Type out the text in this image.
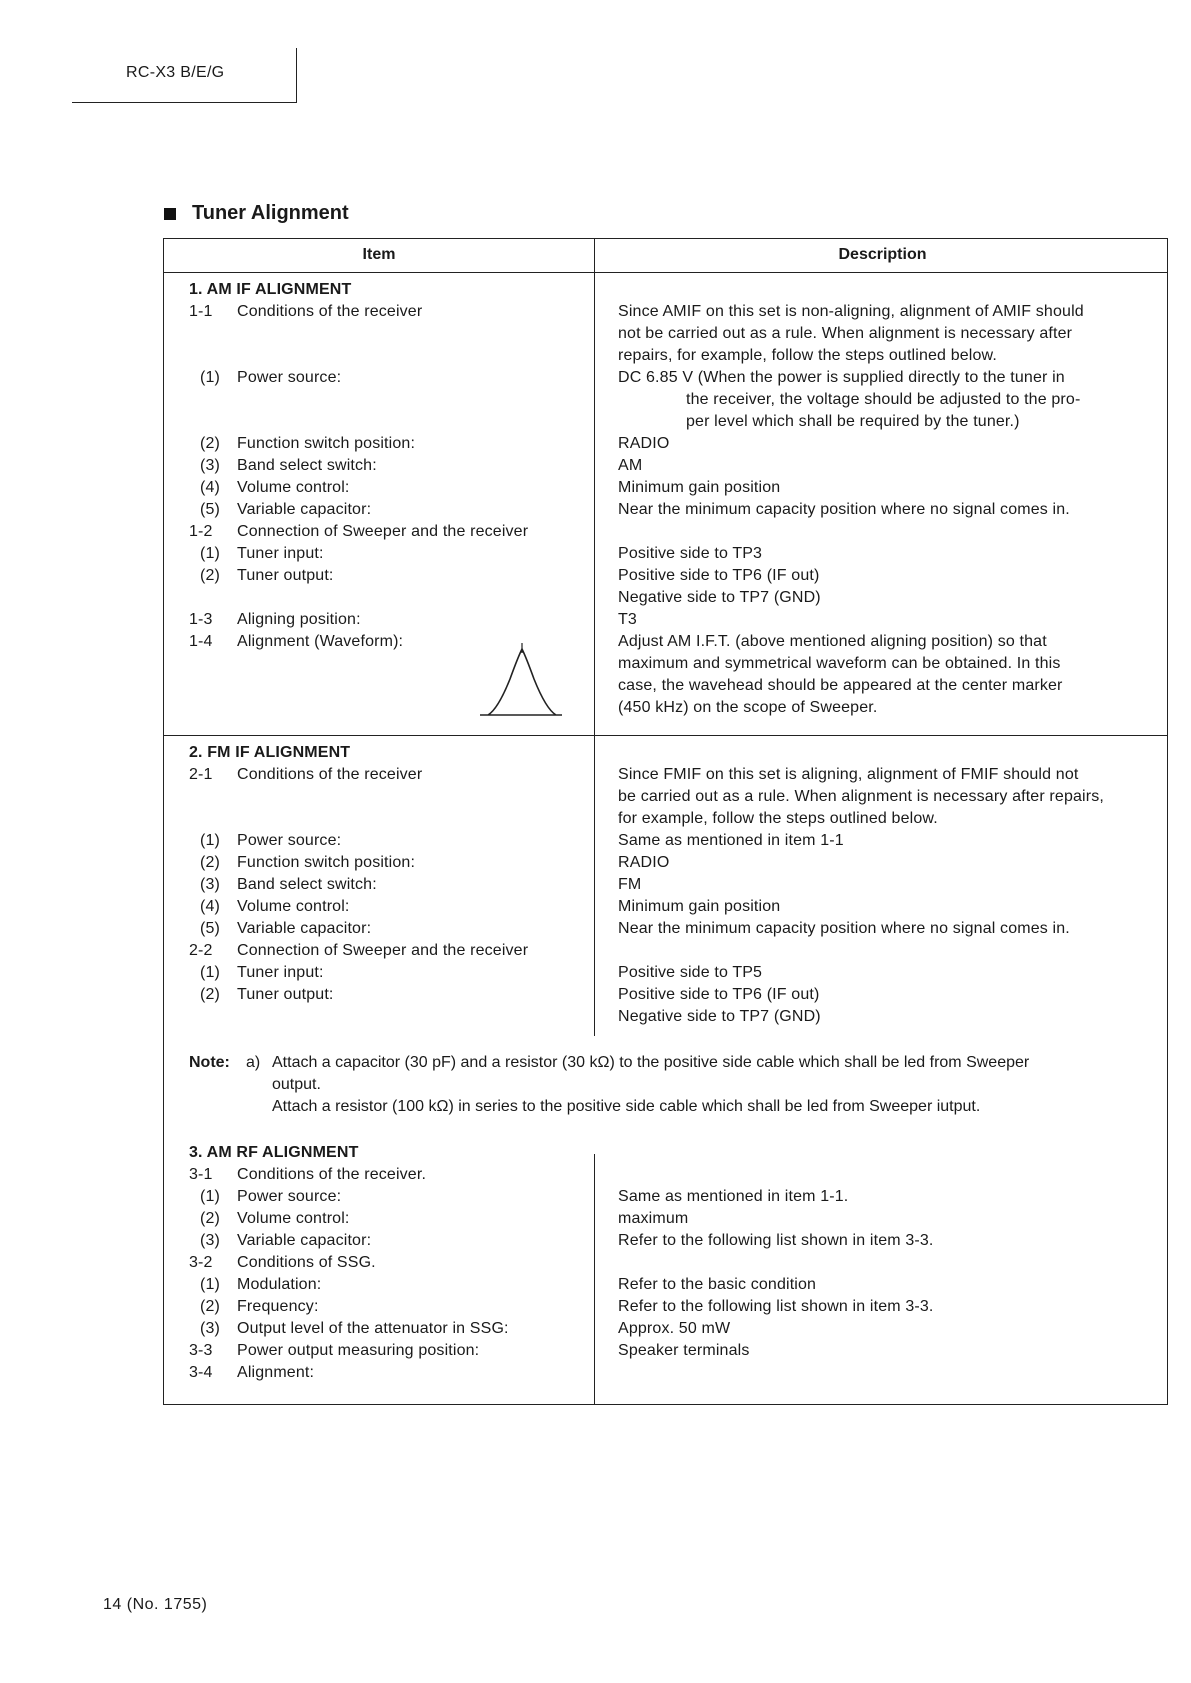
RC-X3 B/E/G
Tuner Alignment
Item	Description
1. AM IF ALIGNMENT
1-1 Conditions of the receiver	Since AMIF on this set is non-aligning, alignment of AMIF should
not be carried out as a rule. When alignment is necessary after
repairs, for example, follow the steps outlined below.
(1) Power source:	DC 6.85 V (When the power is supplied directly to the tuner in
the receiver, the voltage should be adjusted to the pro-
per level which shall be required by the tuner.)
(2) Function switch position:	RADIO
(3) Band select switch:	AM
(4) Volume control:	Minimum gain position
(5) Variable capacitor:	Near the minimum capacity position where no signal comes in.
1-2 Connection of Sweeper and the receiver
(1) Tuner input:	Positive side to TP3
(2) Tuner output:	Positive side to TP6 (IF out)
Negative side to TP7 (GND)
1-3 Aligning position:	T3
1-4 Alignment (Waveform):	Adjust AM I.F.T. (above mentioned aligning position) so that
maximum and symmetrical waveform can be obtained. In this
case, the wavehead should be appeared at the center marker
(450 kHz) on the scope of Sweeper.
2. FM IF ALIGNMENT
2-1 Conditions of the receiver	Since FMIF on this set is aligning, alignment of FMIF should not
be carried out as a rule. When alignment is necessary after repairs,
for example, follow the steps outlined below.
(1) Power source:	Same as mentioned in item 1-1
(2) Function switch position:	RADIO
(3) Band select switch:	FM
(4) Volume control:	Minimum gain position
(5) Variable capacitor:	Near the minimum capacity position where no signal comes in.
2-2 Connection of Sweeper and the receiver
(1) Tuner input:	Positive side to TP5
(2) Tuner output:	Positive side to TP6 (IF out)
Negative side to TP7 (GND)
Note: a) Attach a capacitor (30 pF) and a resistor (30 kΩ) to the positive side cable which shall be led from Sweeper
output.
Attach a resistor (100 kΩ) in series to the positive side cable which shall be led from Sweeper iutput.
3. AM RF ALIGNMENT
3-1 Conditions of the receiver.
(1) Power source:	Same as mentioned in item 1-1.
(2) Volume control:	maximum
(3) Variable capacitor:	Refer to the following list shown in item 3-3.
3-2 Conditions of SSG.
(1) Modulation:	Refer to the basic condition
(2) Frequency:	Refer to the following list shown in item 3-3.
(3) Output level of the attenuator in SSG:	Approx. 50 mW
3-3 Power output measuring position:	Speaker terminals
3-4 Alignment:
14 (No. 1755)
